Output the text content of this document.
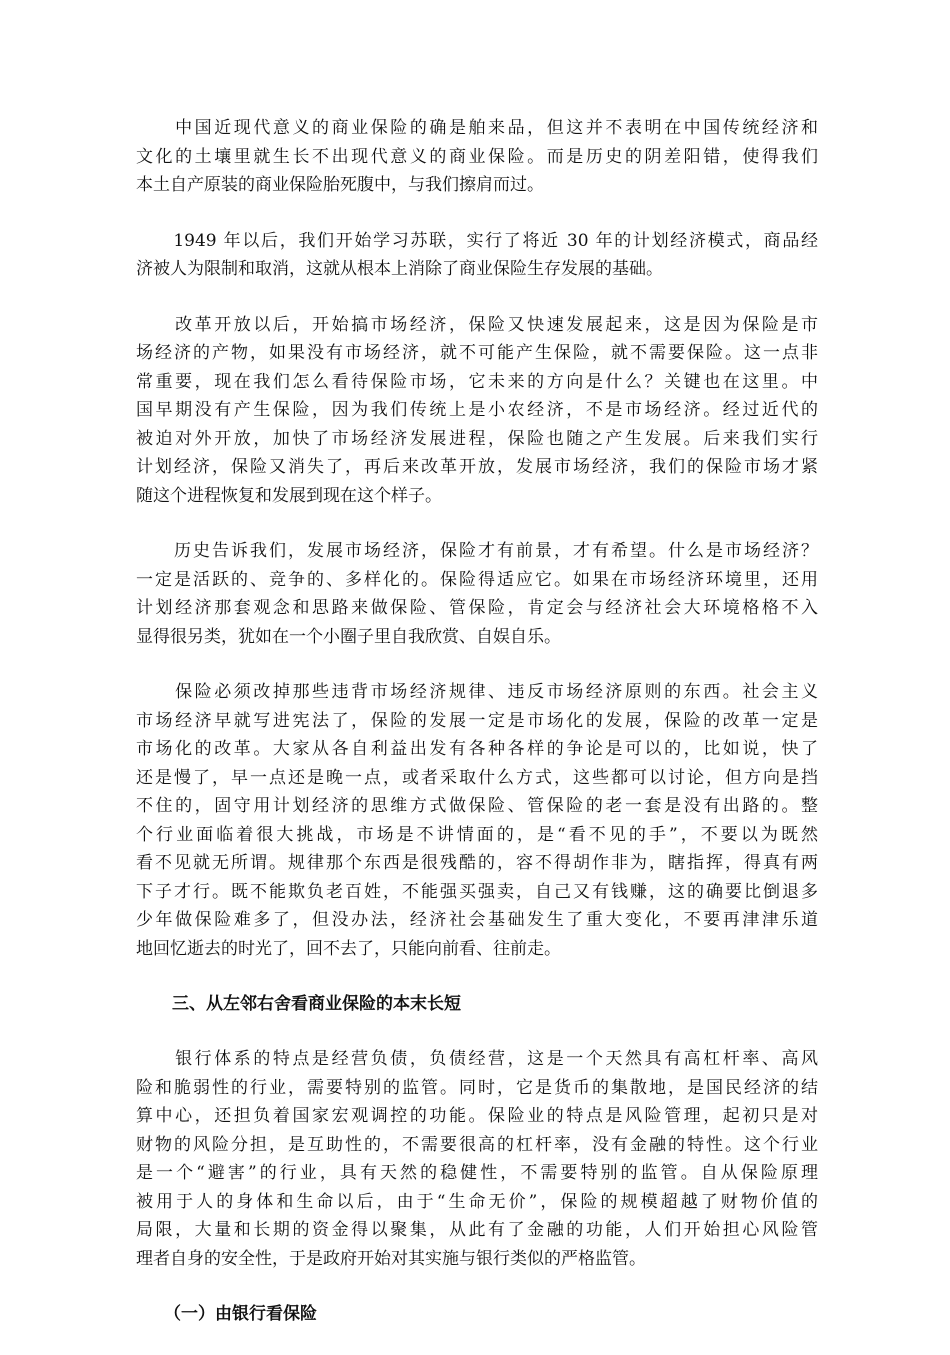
　　中国近现代意义的商业保险的确是舶来品，但这并不表明在中国传统经济和
文化的土壤里就生长不出现代意义的商业保险。而是历史的阴差阳错，使得我们
本土自产原装的商业保险胎死腹中，与我们擦肩而过。
　　1949 年以后，我们开始学习苏联，实行了将近 30 年的计划经济模式，商品经
济被人为限制和取消，这就从根本上消除了商业保险生存发展的基础。
　　改革开放以后，开始搞市场经济，保险又快速发展起来，这是因为保险是市
场经济的产物，如果没有市场经济，就不可能产生保险，就不需要保险。这一点非
常重要，现在我们怎么看待保险市场，它未来的方向是什么？关键也在这里。中
国早期没有产生保险，因为我们传统上是小农经济，不是市场经济。经过近代的
被迫对外开放，加快了市场经济发展进程，保险也随之产生发展。后来我们实行
计划经济，保险又消失了，再后来改革开放，发展市场经济，我们的保险市场才紧
随这个进程恢复和发展到现在这个样子。
　　历史告诉我们，发展市场经济，保险才有前景，才有希望。什么是市场经济？
一定是活跃的、竞争的、多样化的。保险得适应它。如果在市场经济环境里，还用
计划经济那套观念和思路来做保险、管保险，肯定会与经济社会大环境格格不入
显得很另类，犹如在一个小圈子里自我欣赏、自娱自乐。
　　保险必须改掉那些违背市场经济规律、违反市场经济原则的东西。社会主义
市场经济早就写进宪法了，保险的发展一定是市场化的发展，保险的改革一定是
市场化的改革。大家从各自利益出发有各种各样的争论是可以的，比如说，快了
还是慢了，早一点还是晚一点，或者采取什么方式，这些都可以讨论，但方向是挡
不住的，固守用计划经济的思维方式做保险、管保险的老一套是没有出路的。整
个行业面临着很大挑战，市场是不讲情面的，是“看不见的手”，不要以为既然
看不见就无所谓。规律那个东西是很残酷的，容不得胡作非为，瞎指挥，得真有两
下子才行。既不能欺负老百姓，不能强买强卖，自己又有钱赚，这的确要比倒退多
少年做保险难多了，但没办法，经济社会基础发生了重大变化，不要再津津乐道
地回忆逝去的时光了，回不去了，只能向前看、往前走。
三、从左邻右舍看商业保险的本末长短
　　银行体系的特点是经营负债，负债经营，这是一个天然具有高杠杆率、高风
险和脆弱性的行业，需要特别的监管。同时，它是货币的集散地，是国民经济的结
算中心，还担负着国家宏观调控的功能。保险业的特点是风险管理，起初只是对
财物的风险分担，是互助性的，不需要很高的杠杆率，没有金融的特性。这个行业
是一个“避害”的行业，具有天然的稳健性，不需要特别的监管。自从保险原理
被用于人的身体和生命以后，由于“生命无价”，保险的规模超越了财物价值的
局限，大量和长期的资金得以聚集，从此有了金融的功能，人们开始担心风险管
理者自身的安全性，于是政府开始对其实施与银行类似的严格监管。
（一）由银行看保险
